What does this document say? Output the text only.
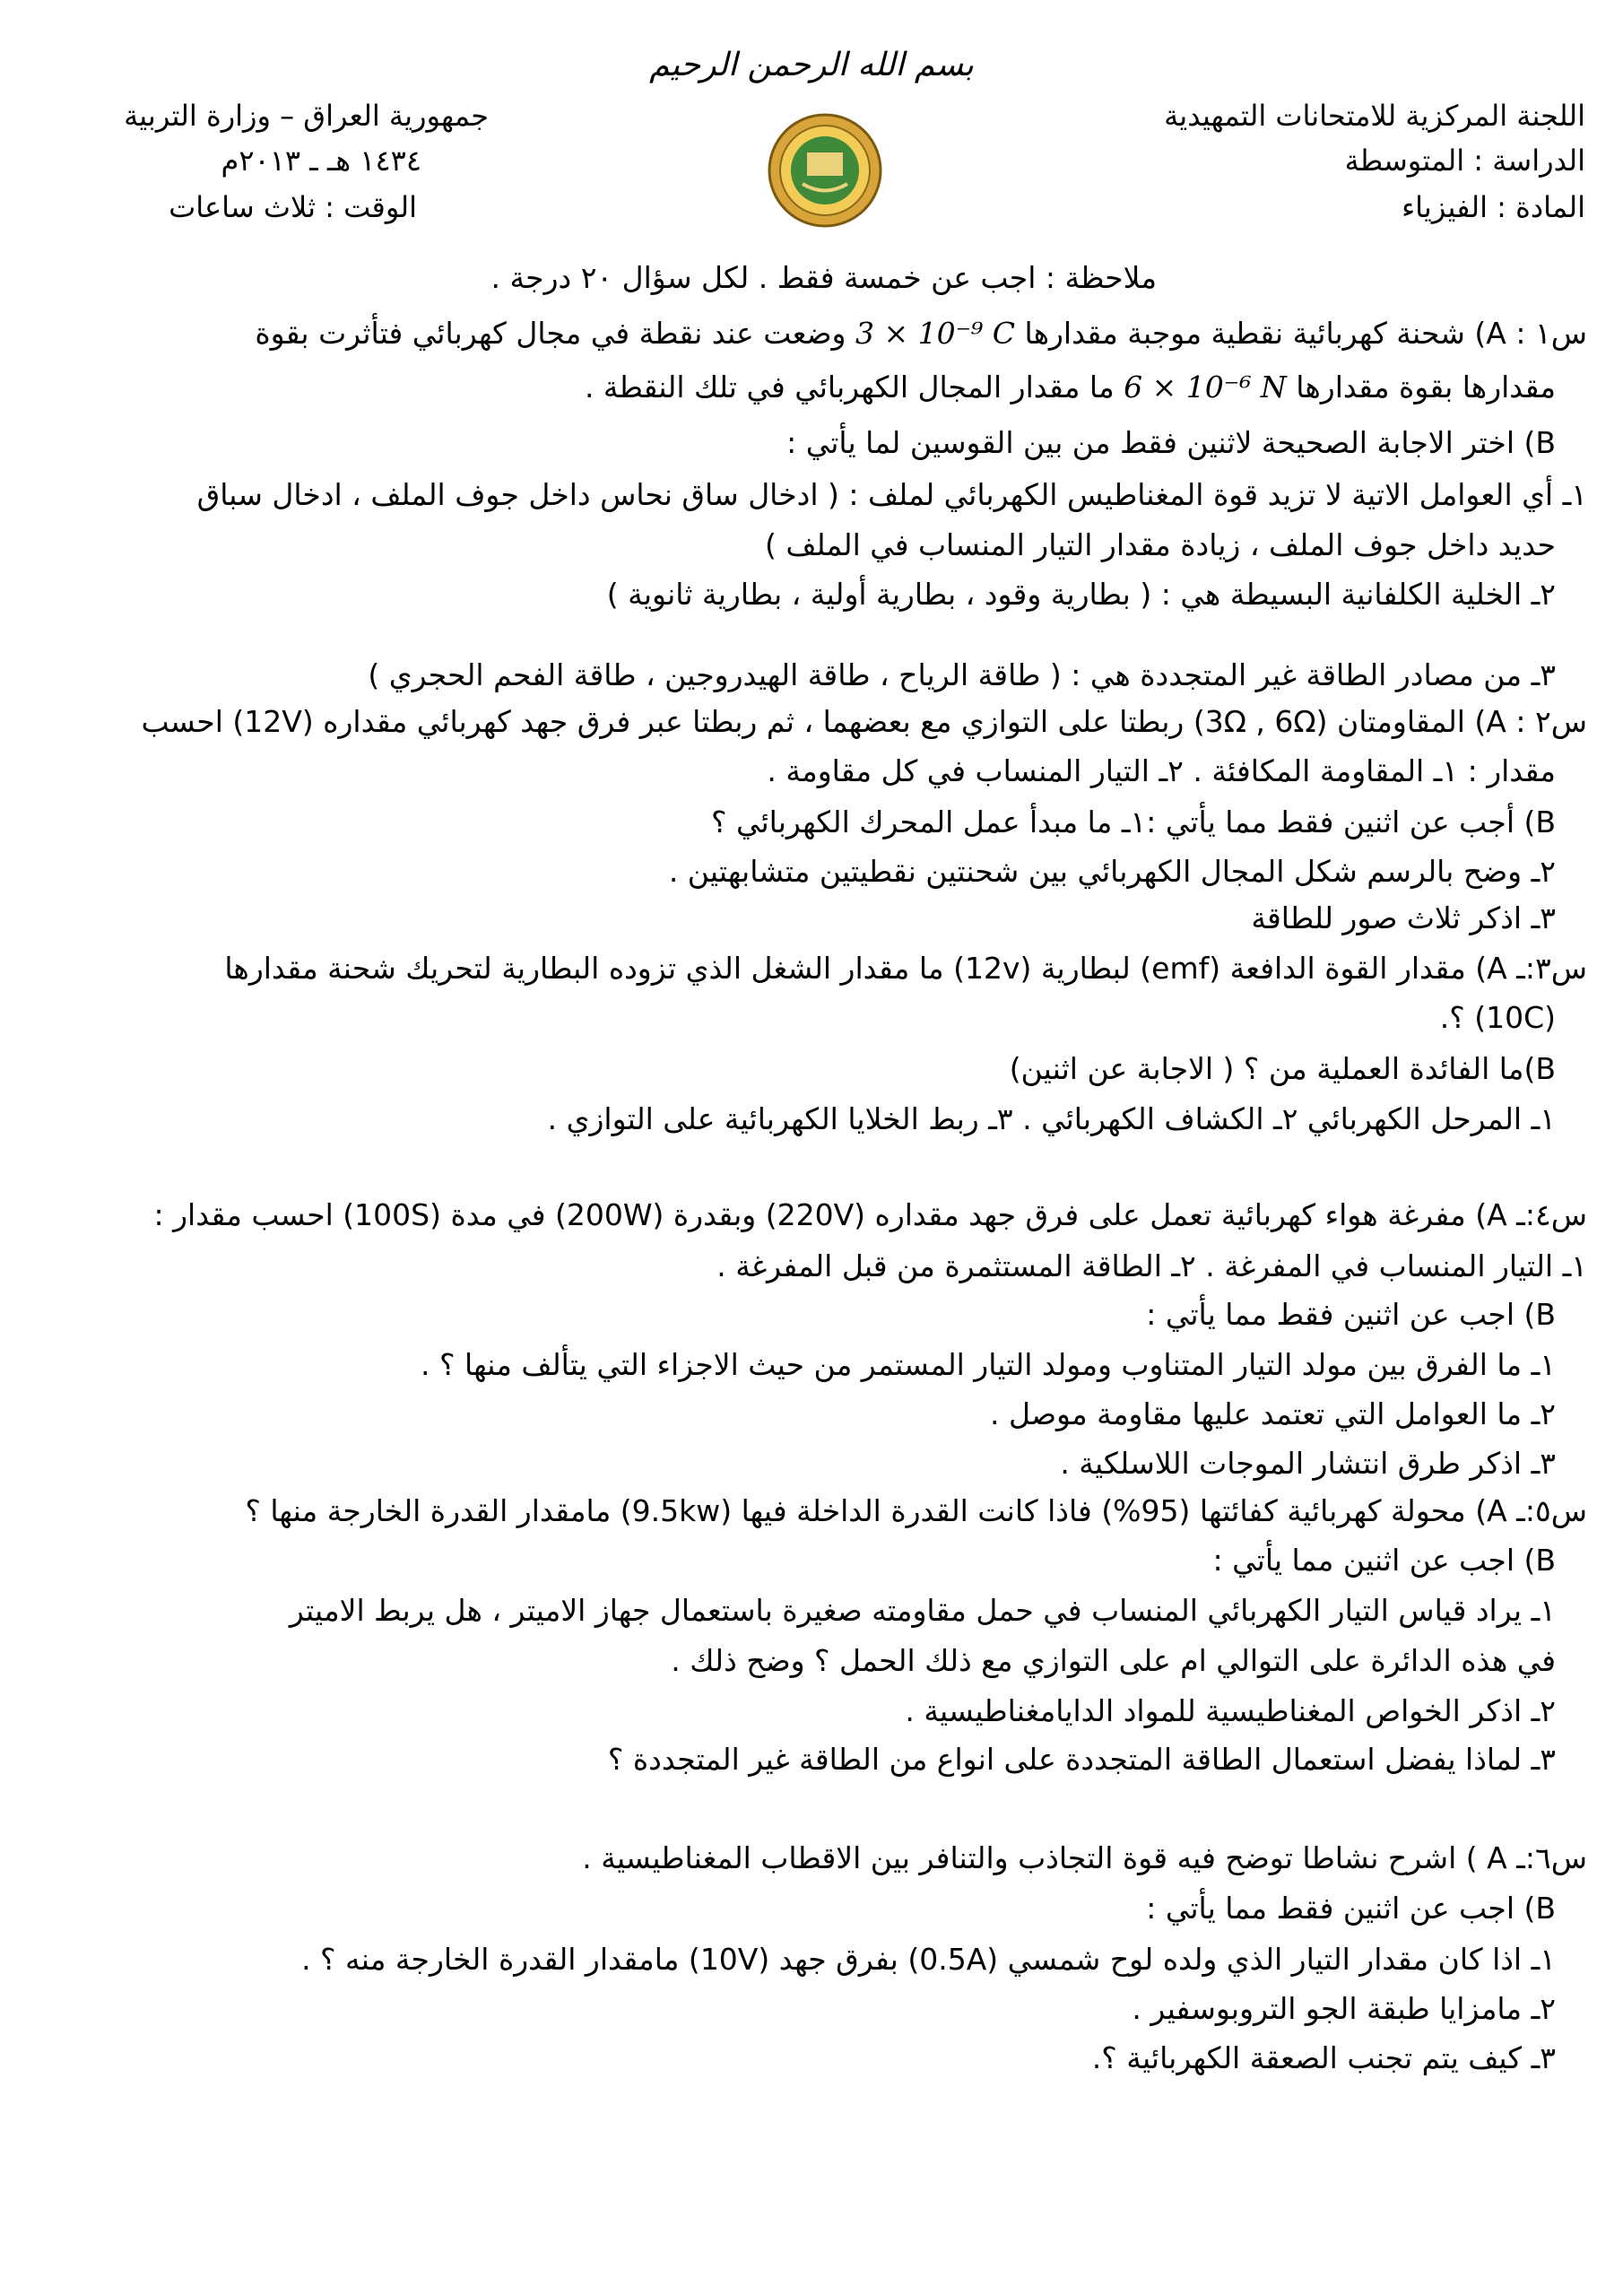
بسم الله الرحمن الرحيم
اللجنة المركزية للامتحانات التمهيدية
الدراسة : المتوسطة
المادة : الفيزياء
جمهورية العراق – وزارة التربية
١٤٣٤ هـ ـ ٢٠١٣م
الوقت : ثلاث ساعات
ملاحظة : اجب عن خمسة فقط . لكل سؤال ٢٠ درجة .
س١ : A) شحنة كهربائية نقطية موجبة مقدارها 3 × 10⁻⁹ C وضعت عند نقطة في مجال كهربائي فتأثرت بقوة
مقدارها بقوة مقدارها 6 × 10⁻⁶ N ما مقدار المجال الكهربائي في تلك النقطة .
B) اختر الاجابة الصحيحة لاثنين فقط من بين القوسين لما يأتي :
١ـ أي العوامل الاتية لا تزيد قوة المغناطيس الكهربائي لملف : ( ادخال ساق نحاس داخل جوف الملف ، ادخال سباق
حديد داخل جوف الملف ، زيادة مقدار التيار المنساب في الملف )
٢ـ الخلية الكلفانية البسيطة هي : ( بطارية وقود ، بطارية أولية ، بطارية ثانوية )
٣ـ من مصادر الطاقة غير المتجددة هي : ( طاقة الرياح ، طاقة الهيدروجين ، طاقة الفحم الحجري )
س٢ : A) المقاومتان (3Ω , 6Ω) ربطتا على التوازي مع بعضهما ، ثم ربطتا عبر فرق جهد كهربائي مقداره (12V) احسب
مقدار : ١ـ المقاومة المكافئة . ٢ـ التيار المنساب في كل مقاومة .
B) أجب عن اثنين فقط مما يأتي :١ـ ما مبدأ عمل المحرك الكهربائي ؟
٢ـ وضح بالرسم شكل المجال الكهربائي بين شحنتين نقطيتين متشابهتين .
٣ـ اذكر ثلاث صور للطاقة
س٣:ـ A) مقدار القوة الدافعة (emf) لبطارية (12v) ما مقدار الشغل الذي تزوده البطارية لتحريك شحنة مقدارها
(10C) ؟.
B)ما الفائدة العملية من ؟ ( الاجابة عن اثنين)
١ـ المرحل الكهربائي ٢ـ الكشاف الكهربائي . ٣ـ ربط الخلايا الكهربائية على التوازي .
س٤:ـ A) مفرغة هواء كهربائية تعمل على فرق جهد مقداره (220V) وبقدرة (200W) في مدة (100S) احسب مقدار :
١ـ التيار المنساب في المفرغة . ٢ـ الطاقة المستثمرة من قبل المفرغة .
B) اجب عن اثنين فقط مما يأتي :
١ـ ما الفرق بين مولد التيار المتناوب ومولد التيار المستمر من حيث الاجزاء التي يتألف منها ؟ .
٢ـ ما العوامل التي تعتمد عليها مقاومة موصل .
٣ـ اذكر طرق انتشار الموجات اللاسلكية .
س٥:ـ A) محولة كهربائية كفائتها (95%) فاذا كانت القدرة الداخلة فيها (9.5kw) مامقدار القدرة الخارجة منها ؟
B) اجب عن اثنين مما يأتي :
١ـ يراد قياس التيار الكهربائي المنساب في حمل مقاومته صغيرة باستعمال جهاز الاميتر ، هل يربط الاميتر
في هذه الدائرة على التوالي ام على التوازي مع ذلك الحمل ؟ وضح ذلك .
٢ـ اذكر الخواص المغناطيسية للمواد الدايامغناطيسية .
٣ـ لماذا يفضل استعمال الطاقة المتجددة على انواع من الطاقة غير المتجددة ؟
س٦:ـ A ) اشرح نشاطا توضح فيه قوة التجاذب والتنافر بين الاقطاب المغناطيسية .
B) اجب عن اثنين فقط مما يأتي :
١ـ اذا كان مقدار التيار الذي ولده لوح شمسي (0.5A) بفرق جهد (10V) مامقدار القدرة الخارجة منه ؟ .
٢ـ مامزايا طبقة الجو التروبوسفير .
٣ـ كيف يتم تجنب الصعقة الكهربائية ؟.
